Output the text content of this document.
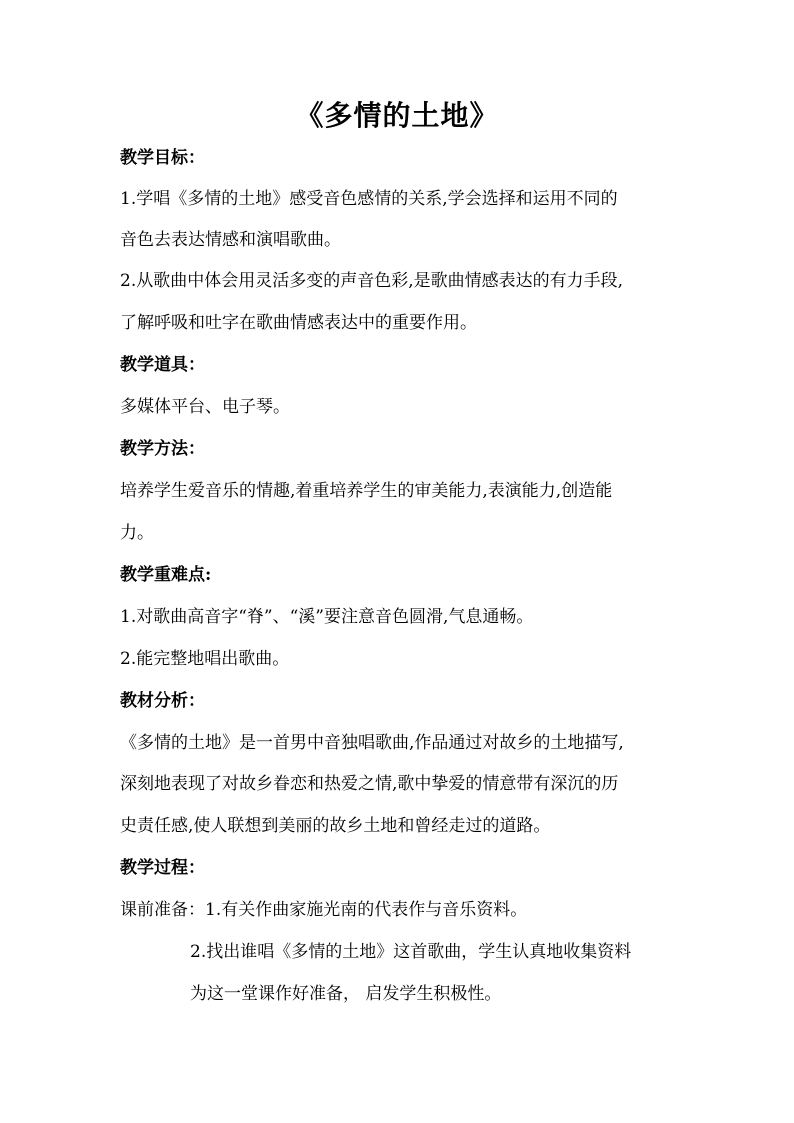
《多情的土地》
教学目标：
1.学唱《多情的土地》感受音色感情的关系,学会选择和运用不同的
音色去表达情感和演唱歌曲。
2.从歌曲中体会用灵活多变的声音色彩,是歌曲情感表达的有力手段,
了解呼吸和吐字在歌曲情感表达中的重要作用。
教学道具：
多媒体平台、电子琴。
教学方法：
培养学生爱音乐的情趣,着重培养学生的审美能力,表演能力,创造能
力。
教学重难点:
1.对歌曲高音字“脊”、“溪”要注意音色圆滑,气息通畅。
2.能完整地唱出歌曲。
教材分析：
《多情的土地》是一首男中音独唱歌曲,作品通过对故乡的土地描写,
深刻地表现了对故乡眷恋和热爱之情,歌中挚爱的情意带有深沉的历
史责任感,使人联想到美丽的故乡土地和曾经走过的道路。
教学过程：
课前准备：1.有关作曲家施光南的代表作与音乐资料。
2.找出谁唱《多情的土地》这首歌曲，学生认真地收集资料
为这一堂课作好准备， 启发学生积极性。
